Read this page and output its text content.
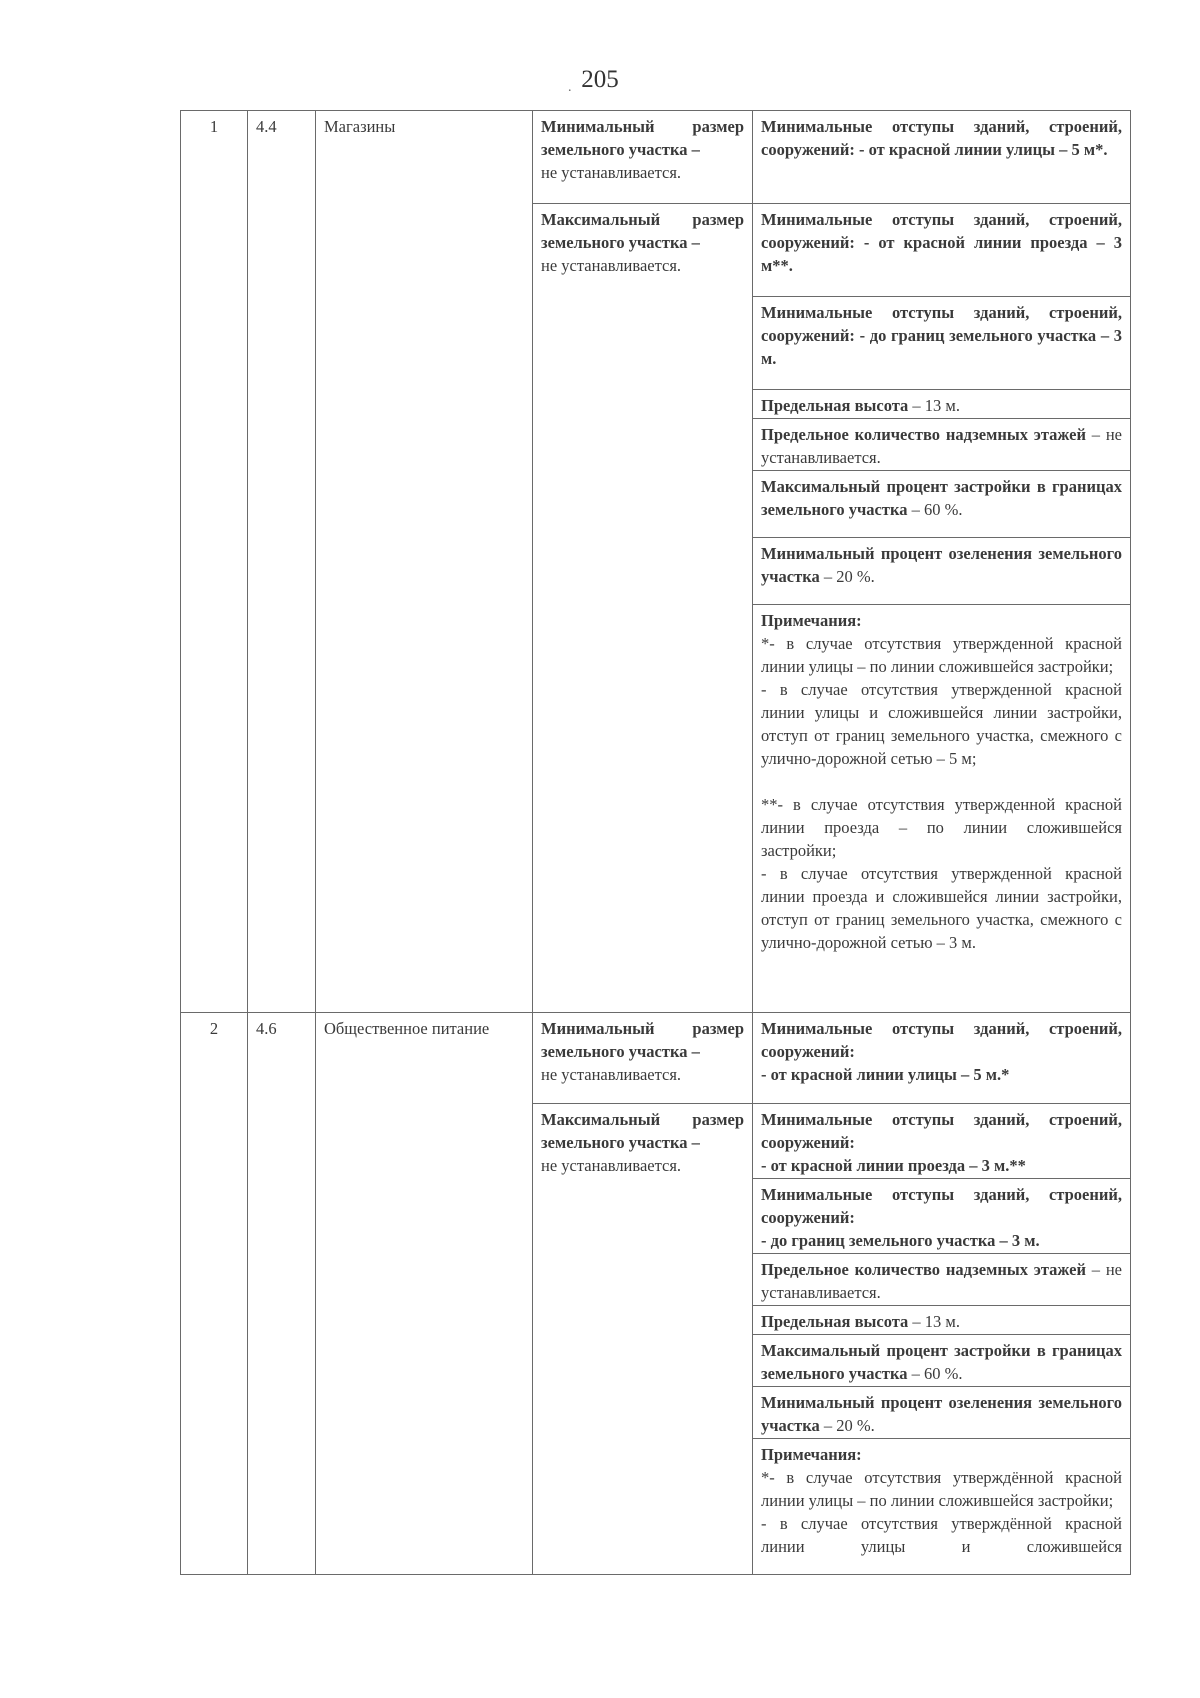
205
.
1	4.4	Магазины	Минимальный размер земельного участка –
не устанавливается.	Минимальные отступы зданий, строений, сооружений: - от красной линии улицы – 5 м*.
			Максимальный размер земельного участка –
не устанавливается.	Минимальные отступы зданий, строений, сооружений: - от красной линии проезда – 3 м**.
				Минимальные отступы зданий, строений, сооружений: - до границ земельного участка – 3 м.
				Предельная высота – 13 м.
				Предельное количество надземных этажей – не устанавливается.
				Максимальный процент застройки в границах земельного участка – 60 %.
				Минимальный процент озеленения земельного участка – 20 %.

				Примечания:
*- в случае отсутствия утвержденной красной линии улицы – по линии сложившейся застройки;
- в случае отсутствия утвержденной красной линии улицы и сложившейся линии застройки, отступ от границ земельного участка, смежного с улично-дорожной сетью – 5 м;
**- в случае отсутствия утвержденной красной линии проезда – по линии сложившейся застройки;
- в случае отсутствия утвержденной красной линии проезда и сложившейся линии застройки, отступ от границ земельного участка, смежного с улично-дорожной сетью – 3 м.

2	4.6	Общественное питание	Минимальный размер земельного участка –
не устанавливается.	Минимальные отступы зданий, строений, сооружений:
- от красной линии улицы – 5 м.*
			Максимальный размер земельного участка –
не устанавливается.	Минимальные отступы зданий, строений, сооружений:
- от красной линии проезда – 3 м.**
				Минимальные отступы зданий, строений, сооружений:
- до границ земельного участка – 3 м.
				Предельное количество надземных этажей – не устанавливается.
				Предельная высота – 13 м.
				Максимальный процент застройки в границах земельного участка – 60 %.
				Минимальный процент озеленения земельного участка – 20 %.

				Примечания:
*- в случае отсутствия утверждённой красной линии улицы – по линии сложившейся застройки;
- в случае отсутствия утверждённой красной линии улицы и сложившейся
